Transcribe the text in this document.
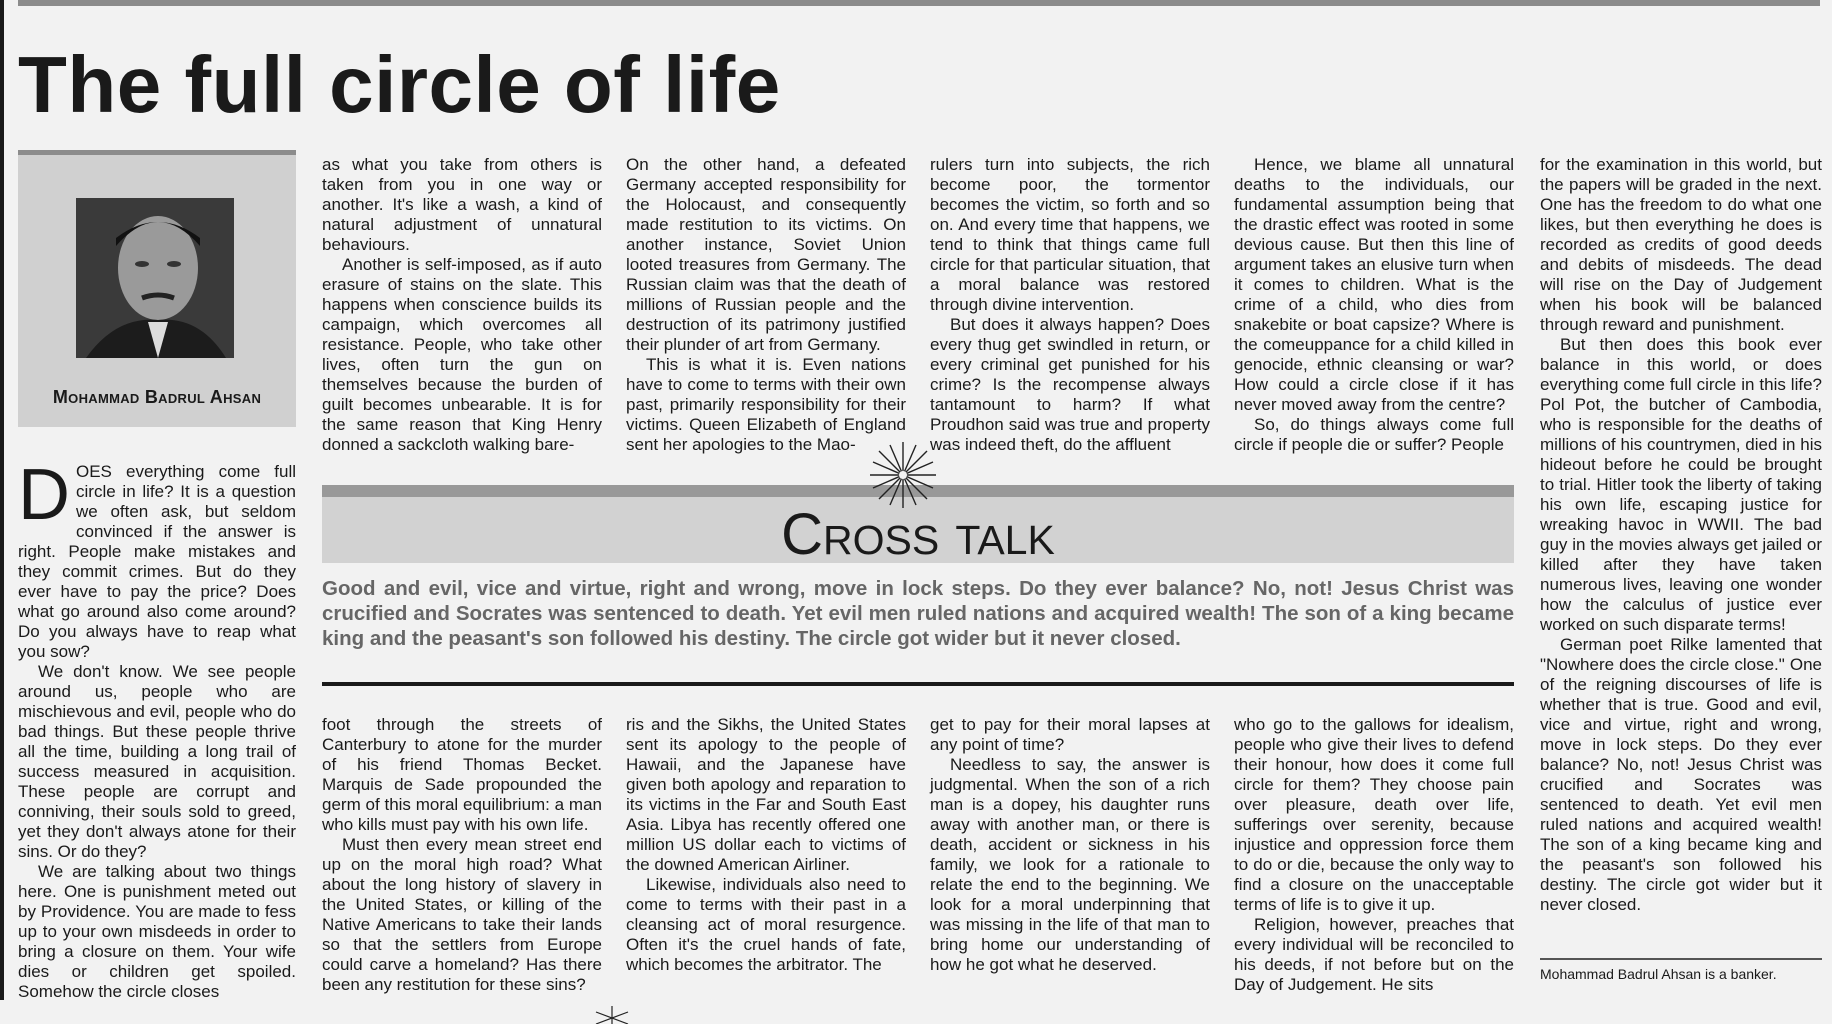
The full circle of life
Mohammad Badrul Ahsan

DOES everything come full circle in life? It is a question we often ask, but seldom convinced if the answer is right. People make mistakes and they commit crimes. But do they ever have to pay the price? Does what go around also come around? Do you always have to reap what you sow?

We don't know. We see people around us, people who are mischievous and evil, people who do bad things. But these people thrive all the time, building a long trail of success measured in acquisition. These people are corrupt and conniving, their souls sold to greed, yet they don't always atone for their sins. Or do they?

We are talking about two things here. One is punishment meted out by Providence. You are made to fess up to your own misdeeds in order to bring a closure on them. Your wife dies or children get spoiled. Somehow the circle closes

as what you take from others is taken from you in one way or another. It's like a wash, a kind of natural adjustment of unnatural behaviours.

Another is self-imposed, as if auto erasure of stains on the slate. This happens when conscience builds its campaign, which overcomes all resistance. People, who take other lives, often turn the gun on themselves because the burden of guilt becomes unbearable. It is for the same reason that King Henry donned a sackcloth walking bare-

On the other hand, a defeated Germany accepted responsibility for the Holocaust, and consequently made restitution to its victims. On another instance, Soviet Union looted treasures from Germany. The Russian claim was that the death of millions of Russian people and the destruction of its patrimony justified their plunder of art from Germany.

This is what it is. Even nations have to come to terms with their own past, primarily responsibility for their victims. Queen Elizabeth of England sent her apologies to the Mao-

rulers turn into subjects, the rich become poor, the tormentor becomes the victim, so forth and so on. And every time that happens, we tend to think that things came full circle for that particular situation, that a moral balance was restored through divine intervention.

But does it always happen? Does every thug get swindled in return, or every criminal get punished for his crime? Is the recompense always tantamount to harm? If what Proudhon said was true and property was indeed theft, do the affluent

Hence, we blame all unnatural deaths to the individuals, our fundamental assumption being that the drastic effect was rooted in some devious cause. But then this line of argument takes an elusive turn when it comes to children. What is the crime of a child, who dies from snakebite or boat capsize? Where is the comeuppance for a child killed in genocide, ethnic cleansing or war? How could a circle close if it has never moved away from the centre?

So, do things always come full circle if people die or suffer? People

for the examination in this world, but the papers will be graded in the next. One has the freedom to do what one likes, but then everything he does is recorded as credits of good deeds and debits of misdeeds. The dead will rise on the Day of Judgement when his book will be balanced through reward and punishment.

But then does this book ever balance in this world, or does everything come full circle in this life? Pol Pot, the butcher of Cambodia, who is responsible for the deaths of millions of his countrymen, died in his hideout before he could be brought to trial. Hitler took the liberty of taking his own life, escaping justice for wreaking havoc in WWII. The bad guy in the movies always get jailed or killed after they have taken numerous lives, leaving one wonder how the calculus of justice ever worked on such disparate terms!

German poet Rilke lamented that "Nowhere does the circle close." One of the reigning discourses of life is whether that is true. Good and evil, vice and virtue, right and wrong, move in lock steps. Do they ever balance? No, not! Jesus Christ was crucified and Socrates was sentenced to death. Yet evil men ruled nations and acquired wealth! The son of a king became king and the peasant's son followed his destiny. The circle got wider but it never closed.

Cross talk

Good and evil, vice and virtue, right and wrong, move in lock steps. Do they ever balance? No, not! Jesus Christ was crucified and Socrates was sentenced to death. Yet evil men ruled nations and acquired wealth! The son of a king became king and the peasant's son followed his destiny. The circle got wider but it never closed.

foot through the streets of Canterbury to atone for the murder of his friend Thomas Becket. Marquis de Sade propounded the germ of this moral equilibrium: a man who kills must pay with his own life.

Must then every mean street end up on the moral high road? What about the long history of slavery in the United States, or killing of the Native Americans to take their lands so that the settlers from Europe could carve a homeland? Has there been any restitution for these sins?

ris and the Sikhs, the United States sent its apology to the people of Hawaii, and the Japanese have given both apology and reparation to its victims in the Far and South East Asia. Libya has recently offered one million US dollar each to victims of the downed American Airliner.

Likewise, individuals also need to come to terms with their past in a cleansing act of moral resurgence. Often it's the cruel hands of fate, which becomes the arbitrator. The

get to pay for their moral lapses at any point of time?

Needless to say, the answer is judgmental. When the son of a rich man is a dopey, his daughter runs away with another man, or there is death, accident or sickness in his family, we look for a rationale to relate the end to the beginning. We look for a moral underpinning that was missing in the life of that man to bring home our understanding of how he got what he deserved.

who go to the gallows for idealism, people who give their lives to defend their honour, how does it come full circle for them? They choose pain over pleasure, death over life, sufferings over serenity, because injustice and oppression force them to do or die, because the only way to find a closure on the unacceptable terms of life is to give it up.

Religion, however, preaches that every individual will be reconciled to his deeds, if not before but on the Day of Judgement. He sits

Mohammad Badrul Ahsan is a banker.
